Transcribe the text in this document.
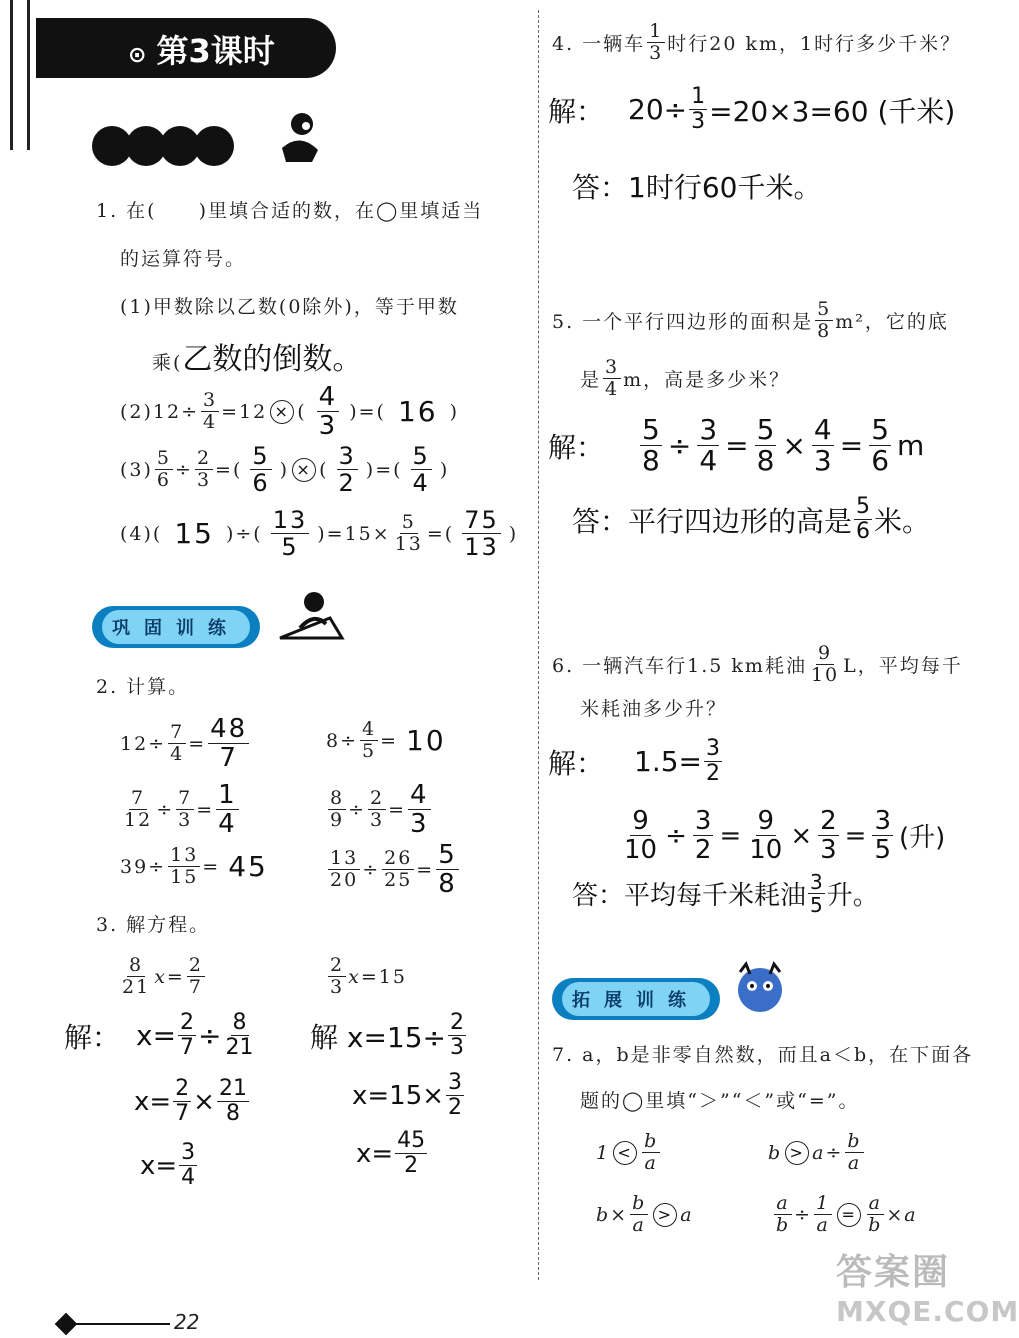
⊙ 第3课时
1. 在(　　)里填合适的数，在◯里填适当
的运算符号。
(1)甲数除以乙数(0除外)，等于甲数
乘(乙数的倒数。
$(2)12\div \frac{3}{4} =12$ × ( $\frac{4}{3}$ )=( 16 )
$(3) \frac{5}{6} \div \frac{2}{3}$ =( $\frac{5}{6}$ ) × ( $\frac{3}{2}$ )=( $\frac{5}{4}$ )
(4)( 15 )÷( $\frac{13}{5} )=15\times \frac{5}{13}$ =( $\frac{75}{13}$ )
巩固训练
2. 计算。
$12\div \frac{7}{4} = \frac{48}{7}$	$8\div \frac{4}{5} = 10$
$\frac{7}{12} \div \frac{7}{3} = \frac{1}{4}$	$\frac{8}{9} \div \frac{2}{3} = \frac{4}{3}$
$39\div \frac{13}{15} = 45$	$\frac{13}{20} \div \frac{26}{25} = \frac{5}{8}$
3. 解方程。
$\frac{8}{21}$ $x = \frac{2}{7}$	$\frac{2}{3}$ x =15
解： $x= \frac{2}{7} \div \frac{8}{21}$
$x= \frac{2}{7} \times \frac{21}{8}$
$x= \frac{3}{4}$
解 $x=15\div \frac{2}{3}$
$x=15\times \frac{3}{2}$
$x= \frac{45}{2}$
22
4. 一辆车 $\frac{1}{3}$ 时行20 km，1时行多少千米？
解： $20\div \frac{1}{3} =20\times 3=60$ (千米)
答：1时行60千米。
5. 一个平行四边形的面积是 $\frac{5}{8} m^2$，它的底
是 $\frac{3}{4}$ m，高是多少米？
解： $\frac{5}{8} \div \frac{3}{4} = \frac{5}{8} \times \frac{4}{3} = \frac{5}{6}$ m
答：平行四边形的高是 $\frac{5}{6}$ 米。
6. 一辆汽车行1.5 km耗油 $\frac{9}{10}$ L，平均每千
米耗油多少升？
解： $1.5= \frac{3}{2}$
$\frac{9}{10} \div \frac{3}{2} = \frac{9}{10} \times \frac{2}{3} = \frac{3}{5}$ (升)
答：平均每千米耗油 $\frac{3}{5}$ 升。
拓展训练
7. a，b是非零自然数，而且a＜b，在下面各
题的◯里填“＞”“＜”或“=”。
$1 < \frac{b}{a}$	$b > a\div \frac{b}{a}$
$b\times \frac{b}{a} > a$	$\frac{a}{b} \div \frac{1}{a} = \frac{a}{b} \times a$
答案圈
MXQE.COM
